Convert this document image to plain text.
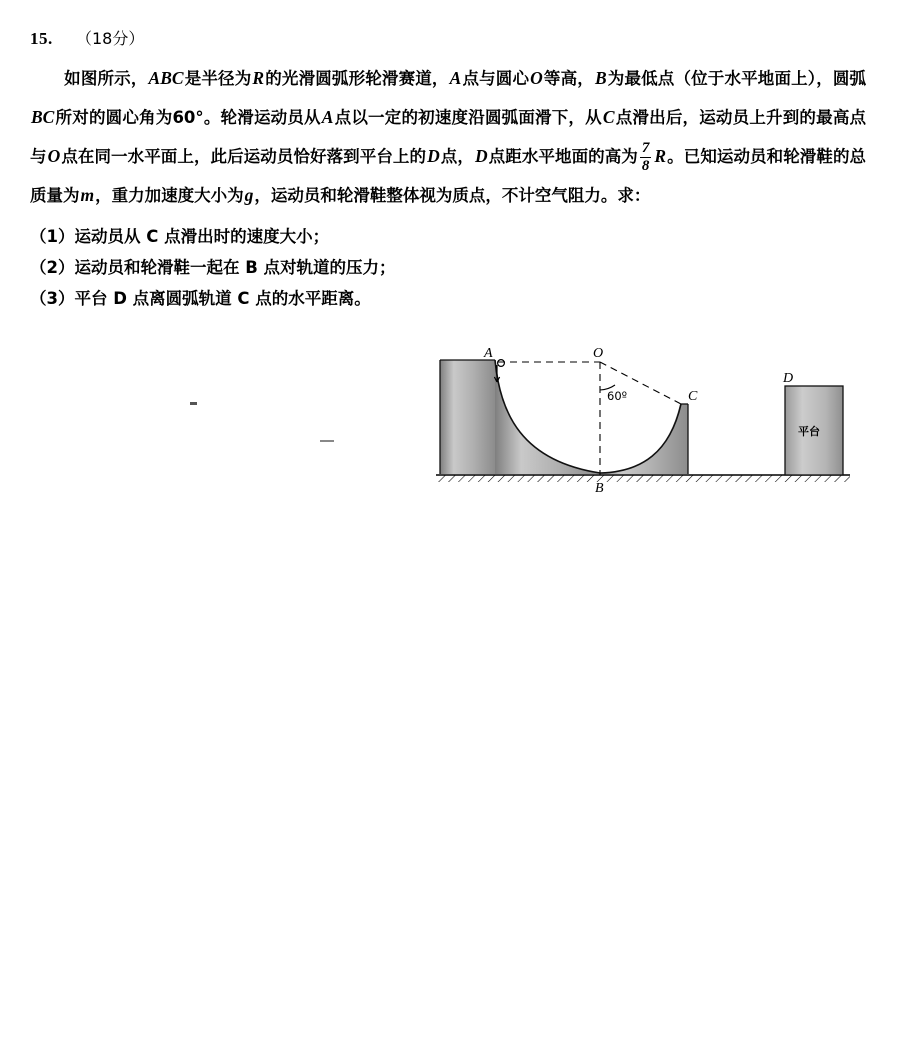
15.	（18分）
如图所示，ABC是半径为R的光滑圆弧形轮滑赛道，A点与圆心O等高，B为最低点（位于水平地面上），圆弧BC所对的圆心角为60°。轮滑运动员从A点以一定的初速度沿圆弧面滑下，从C点滑出后，运动员上升到的最高点与O点在同一水平面上，此后运动员恰好落到平台上的D点，D点距水平地面的高为 $\frac{7}{8}$ R。已知运动员和轮滑鞋的总质量为m，重力加速度大小为g，运动员和轮滑鞋整体视为质点，不计空气阻力。求：
（1）运动员从 C 点滑出时的速度大小；
（2）运动员和轮滑鞋一起在 B 点对轨道的压力；
（3）平台 D 点离圆弧轨道 C 点的水平距离。
A	O
B
C
D
60º
平台
